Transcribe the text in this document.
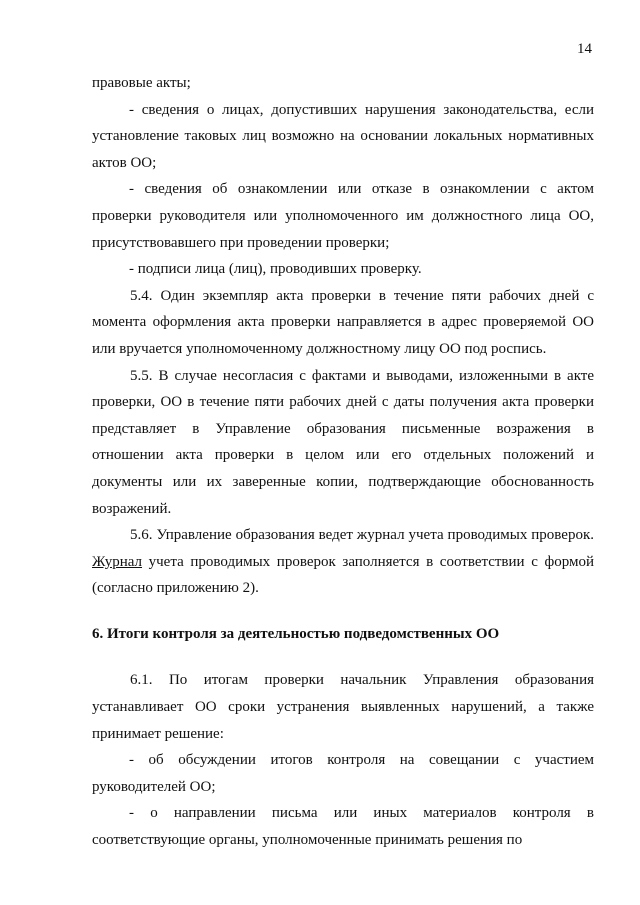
14

правовые акты;

- сведения о лицах, допустивших нарушения законодательства, если установление таковых лиц возможно на основании локальных нормативных актов ОО;

- сведения об ознакомлении или отказе в ознакомлении с актом проверки руководителя или уполномоченного им должностного лица ОО, присутствовавшего при проведении проверки;

- подписи лица (лиц), проводивших проверку.

5.4. Один экземпляр акта проверки в течение пяти рабочих дней с момента оформления акта проверки направляется в адрес проверяемой ОО или вручается уполномоченному должностному лицу ОО под роспись.

5.5. В случае несогласия с фактами и выводами, изложенными в акте проверки, ОО в течение пяти рабочих дней с даты получения акта проверки представляет в Управление образования письменные возражения в отношении акта проверки в целом или его отдельных положений и документы или их заверенные копии, подтверждающие обоснованность возражений.

5.6. Управление образования ведет журнал учета проводимых проверок. Журнал учета проводимых проверок заполняется в соответствии с формой (согласно приложению 2).

6. Итоги контроля за деятельностью подведомственных ОО

6.1. По итогам проверки начальник Управления образования устанавливает ОО сроки устранения выявленных нарушений, а также принимает решение:

- об обсуждении итогов контроля на совещании с участием руководителей ОО;

- о направлении письма или иных материалов контроля в соответствующие органы, уполномоченные принимать решения по
